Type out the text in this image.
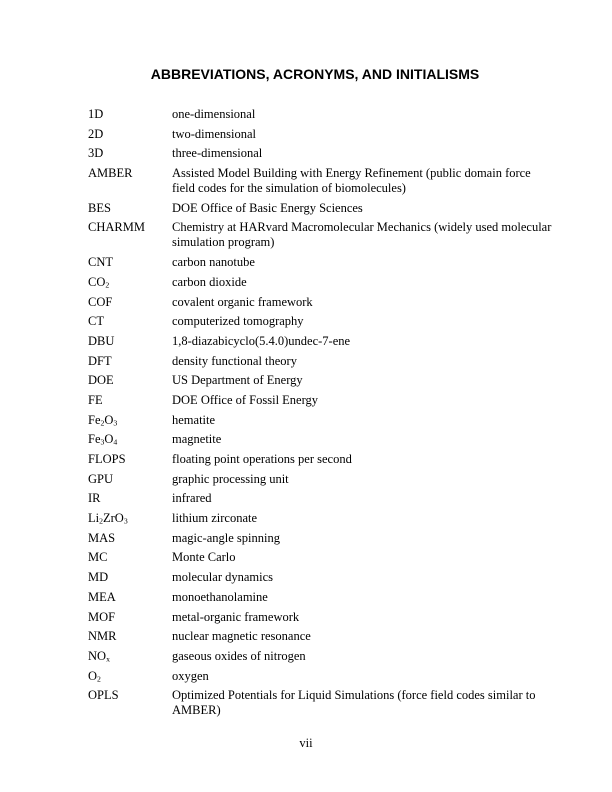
ABBREVIATIONS, ACRONYMS, AND INITIALISMS
1D	one-dimensional
2D	two-dimensional
3D	three-dimensional
AMBER	Assisted Model Building with Energy Refinement (public domain force field codes for the simulation of biomolecules)
BES	DOE Office of Basic Energy Sciences
CHARMM	Chemistry at HARvard Macromolecular Mechanics (widely used molecular simulation program)
CNT	carbon nanotube
$CO_2$	carbon dioxide
COF	covalent organic framework
CT	computerized tomography
DBU	1,8-diazabicyclo(5.4.0)undec-7-ene
DFT	density functional theory
DOE	US Department of Energy
FE	DOE Office of Fossil Energy
$Fe_2O_3$	hematite
$Fe_3O_4$	magnetite
FLOPS	floating point operations per second
GPU	graphic processing unit
IR	infrared
$Li_2ZrO_3$	lithium zirconate
MAS	magic-angle spinning
MC	Monte Carlo
MD	molecular dynamics
MEA	monoethanolamine
MOF	metal-organic framework
NMR	nuclear magnetic resonance
$NO_x$	gaseous oxides of nitrogen
$O_2$	oxygen
OPLS	Optimized Potentials for Liquid Simulations (force field codes similar to AMBER)
vii
